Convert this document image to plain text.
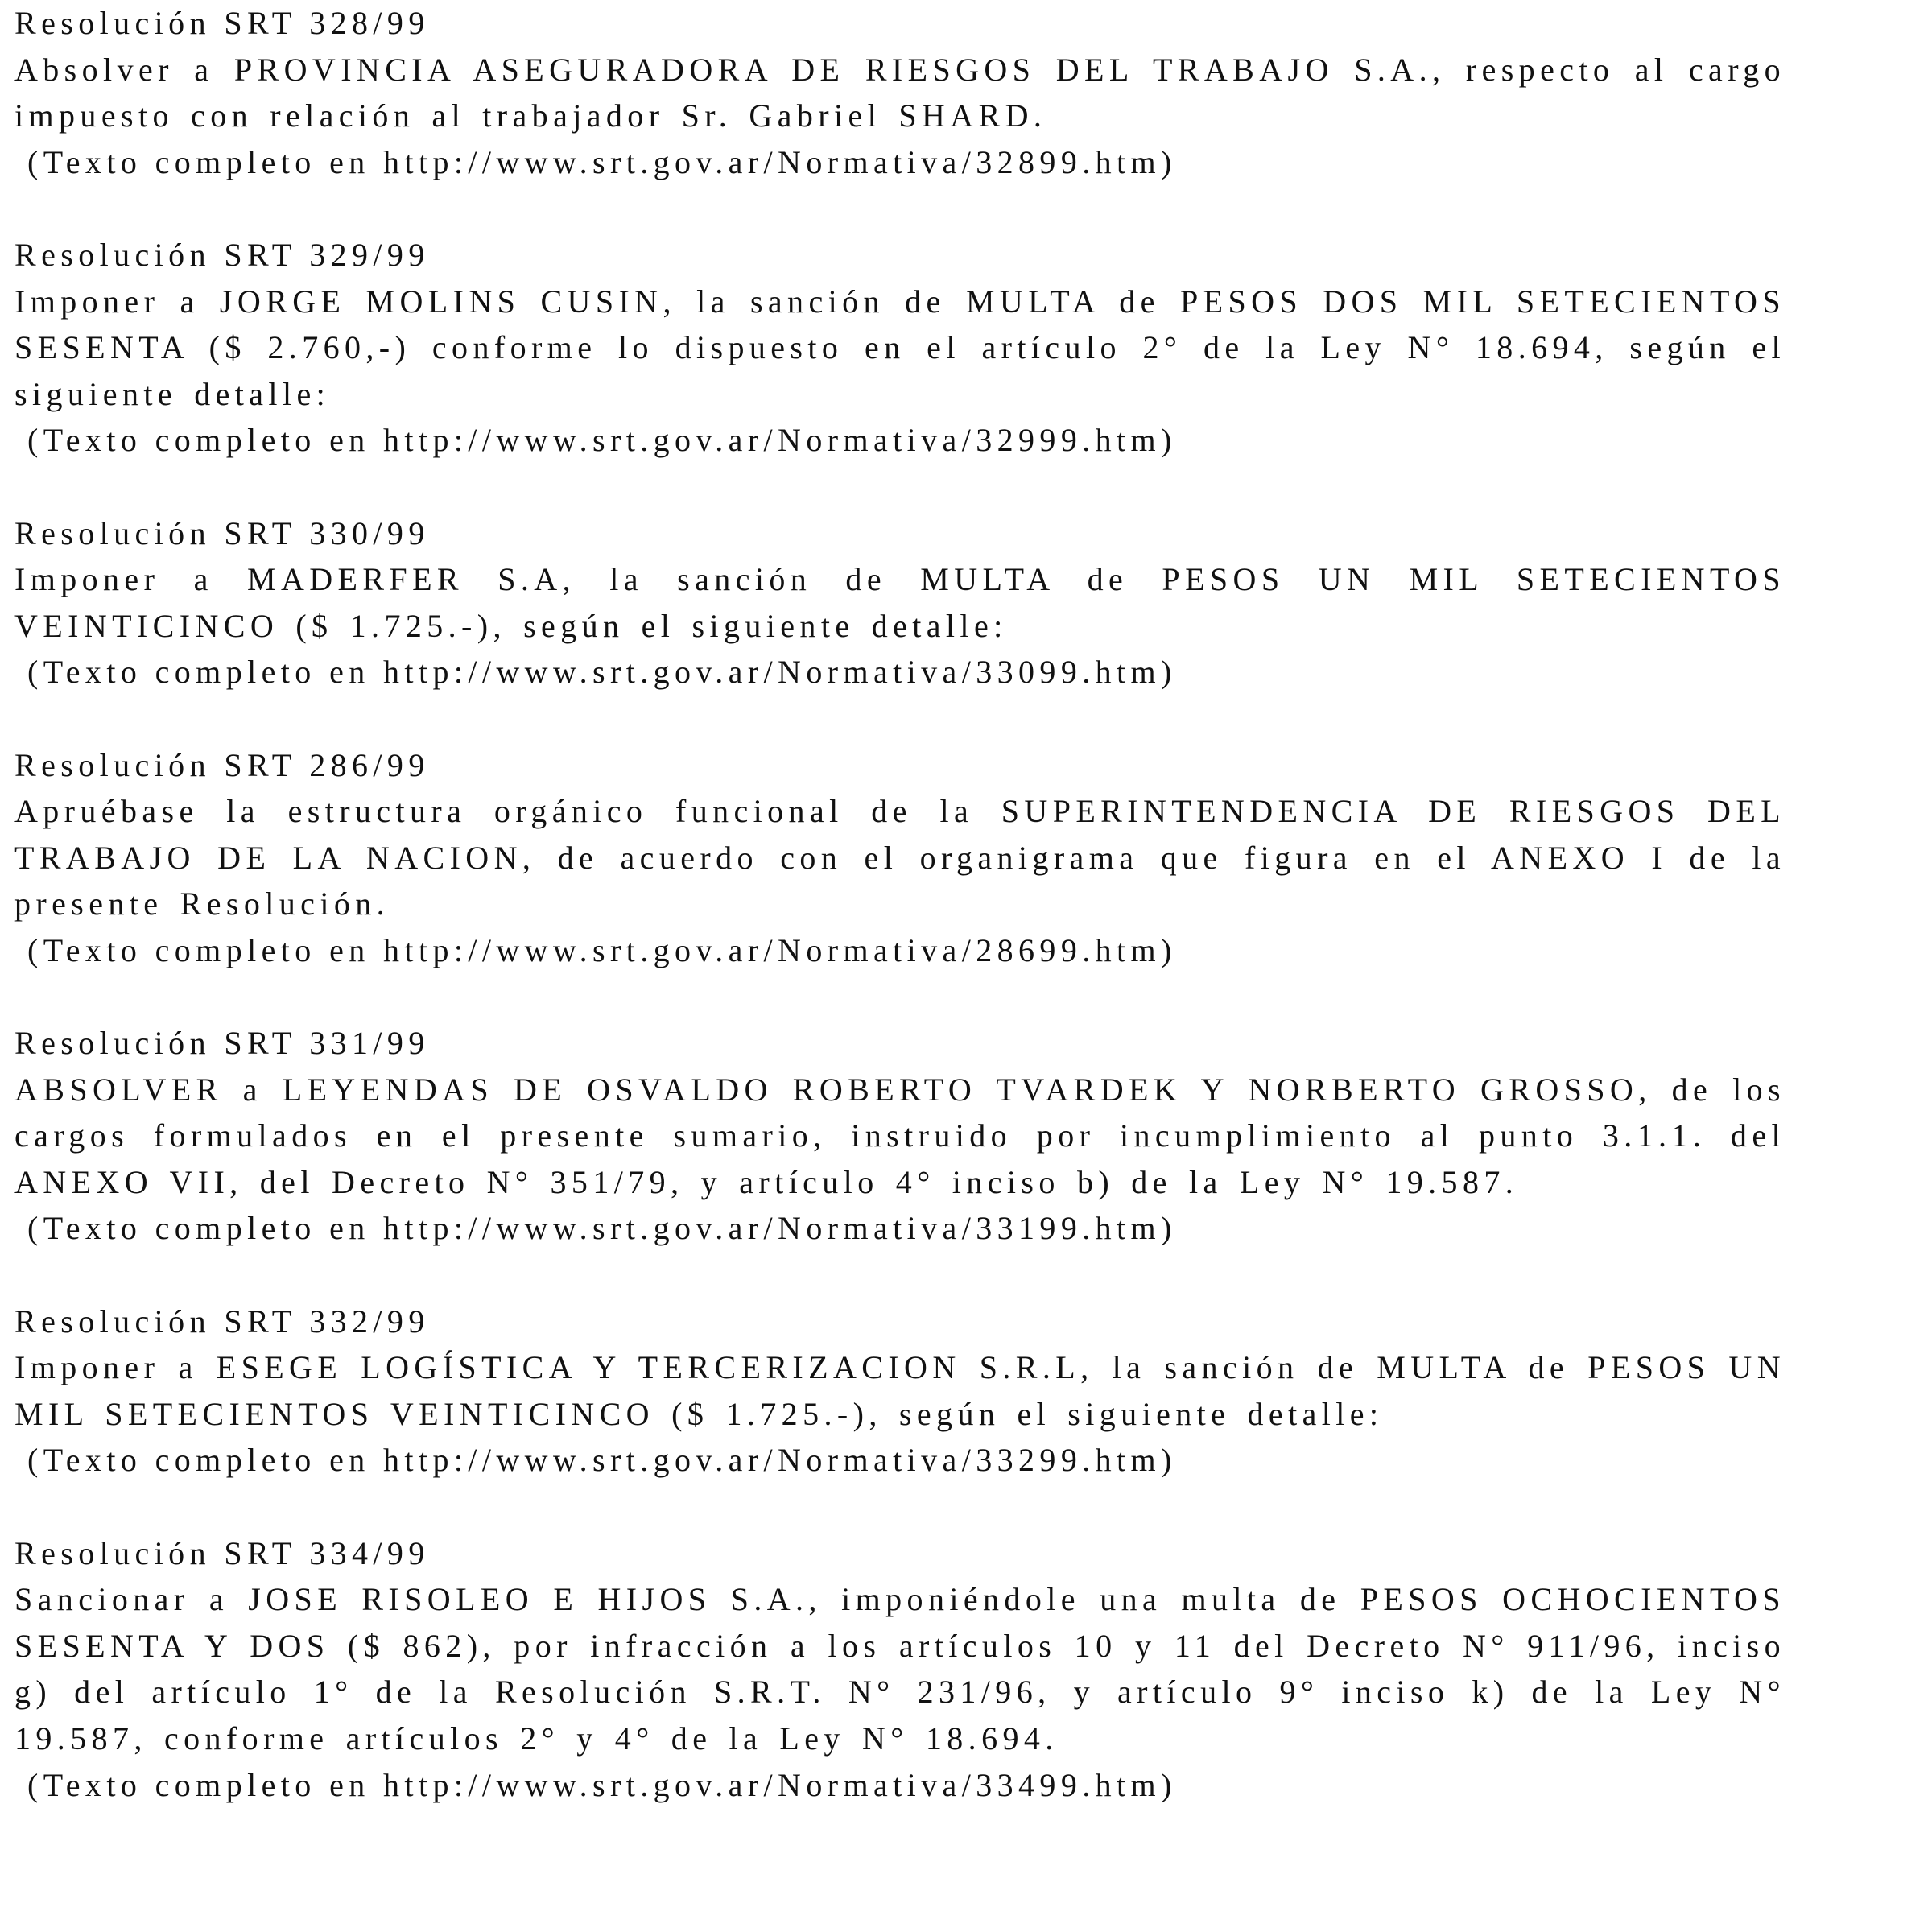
Resolución SRT 328/99

Absolver a PROVINCIA ASEGURADORA DE RIESGOS DEL TRABAJO S.A., respecto al cargo impuesto con relación al trabajador Sr. Gabriel SHARD.

(Texto completo en http://www.srt.gov.ar/Normativa/32899.htm)

Resolución SRT 329/99

Imponer a JORGE MOLINS CUSIN, la sanción de MULTA de PESOS DOS MIL SETECIENTOS SESENTA ($ 2.760,-) conforme lo dispuesto en el artículo 2° de la Ley N° 18.694, según el siguiente detalle:

(Texto completo en http://www.srt.gov.ar/Normativa/32999.htm)

Resolución SRT 330/99

Imponer a MADERFER S.A, la sanción de MULTA de PESOS UN MIL SETECIENTOS VEINTICINCO ($ 1.725.-), según el siguiente detalle:

(Texto completo en http://www.srt.gov.ar/Normativa/33099.htm)

Resolución SRT 286/99

Apruébase la estructura orgánico funcional de la SUPERINTENDENCIA DE RIESGOS DEL TRABAJO DE LA NACION, de acuerdo con el organigrama que figura en el ANEXO I de la presente Resolución.

(Texto completo en http://www.srt.gov.ar/Normativa/28699.htm)

Resolución SRT 331/99

ABSOLVER a LEYENDAS DE OSVALDO ROBERTO TVARDEK Y NORBERTO GROSSO, de los cargos formulados en el presente sumario, instruido por incumplimiento al punto 3.1.1. del ANEXO VII, del Decreto N° 351/79, y artículo 4° inciso b) de la Ley N° 19.587.

(Texto completo en http://www.srt.gov.ar/Normativa/33199.htm)

Resolución SRT 332/99

Imponer a ESEGE LOGÍSTICA Y TERCERIZACION S.R.L, la sanción de MULTA de PESOS UN MIL SETECIENTOS VEINTICINCO ($ 1.725.-), según el siguiente detalle:

(Texto completo en http://www.srt.gov.ar/Normativa/33299.htm)

Resolución SRT 334/99

Sancionar a JOSE RISOLEO E HIJOS S.A., imponiéndole una multa de PESOS OCHOCIENTOS SESENTA Y DOS ($ 862), por infracción a los artículos 10 y 11 del Decreto N° 911/96, inciso g) del artículo 1° de la Resolución S.R.T. N° 231/96, y artículo 9° inciso k) de la Ley N° 19.587, conforme artículos 2° y 4° de la Ley N° 18.694.

(Texto completo en http://www.srt.gov.ar/Normativa/33499.htm)
